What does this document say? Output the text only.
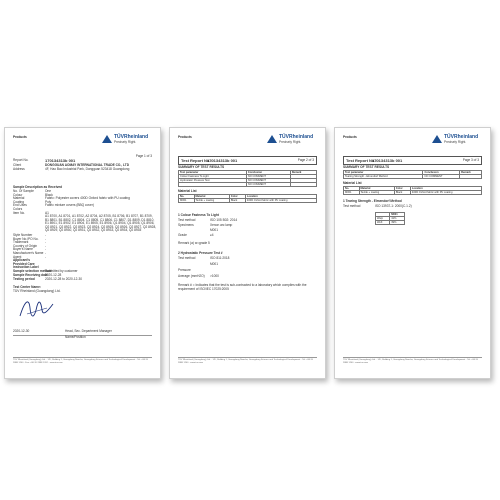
Products	TÜVRheinland
Precisely Right.
Page 1 of 3
Report No.	170134313b 001
Client	DONGGUAN AOMAY INTERNATIONAL TRADE CO., LTD
Address	4F, Hao Bao Industrial Park, Dongguan 523418 Guangdong
Sample Description as Received
No. Of Sample	One
Colour	Black
Material	Fabric: Polyester covers 400D Oxford fabric with PU coating
Coating	Poly
End Uses	Fabric mixture covers (BBQ cover)
Colors
Item No.	A1
A1 8700, A1 8701, A1 8702, A2 8704, A2 8705, B1 8706, B1 8707, B1 8709,
B1 8801, B1 8802, C1 8804, C1 8805, C1 8806, C1 8807, D1 8809, D1 8810,
E1 8901, E1 8902, E1 8904, E1 8905, E1 8906, Q1 8904, Q1 8905, Q1 8906,
Q2 8921, Q2 8922, Q2 8923, Q2 8924, Q2 8925, Q2 8926, Q2 8927, Q2 8928,
Q2 8929, Q2 8930, Q2 8931, Q2 8932, Q2 8933, Q2 8934, Q2 8935
Style Number	-
Buyer No./PO No. -
Trademark	-
Country of Origin -
Buyer's Name	-
Manufacturer's Name -
Agent	-
Applicant's Provided Care Instruction Label
Sample selection method
Submitted by customer
Sample Receiving date
2020-12-28
Testing period	2020-12-28 to 2020-12-30
Test Center Name:
TÜV Rheinland (Guangdong) Ltd.
2020-12-30	Head, Sec. Department Manager
Name/Position
TÜV Rheinland (Guangdong) Ltd. · 1/F., Building 1, Guangdong Nansha, Guangdong Science and Technological Development · Tel: +86 20 2888 1200 · Fax: +86 20 2888 1202 · www.tuv.com
Products	TÜVRheinland
Precisely Right.
Test Report No.:
170134313b 001	Page 2 of 3
SUMMARY OF TEST RESULTS
Test parameter	Conclusion	Remark
Colour Fastness To Light	NO COMMENT	
Hydrostatic Pressure Test	NO COMMENT	
	NO COMMENT	
Material List
No.	Material	Color	Location
M001	Textile + coating	Black	400D Oxford fabric with PU coating
1 Colour Fastness To Light
Test method	ISO 105 B02: 2014
Specimens	Xenon arc lamp
M001
Grade	≥4
Remark (a) w=grade 5
2 Hydrostatic Pressure Test #
Test method	ISO 811:2018
M001
Pressure
Average (mmH2O) >1000
Remark # = Indicates that the test is sub-contracted to a laboratory which complies with the requirement of ISO/IEC 17025:2005
TÜV Rheinland (Guangdong) Ltd. · 1/F., Building 1, Guangdong Nansha, Guangdong Science and Technological Development · Tel: +86 20 2888 1200 · www.tuv.com
Products	TÜVRheinland
Precisely Right.
Test Report No.:
170134313b 001	Page 3 of 3
SUMMARY OF TEST RESULTS
Test parameter	Conclusion	Remark
Tearing Strength - Elmendorf Method	NO COMMENT	
Material List
No.	Material	Color	Location
M001	Textile + coating	Black	400D Oxford fabric with PU coating
1 Tearing Strength - Elmendorf Method
Test method	ISO 13937-1: 2000(C.1.2)
	M001
Warp	41%
Weft	39%
TÜV Rheinland (Guangdong) Ltd. · 1/F., Building 1, Guangdong Nansha, Guangdong Science and Technological Development · Tel: +86 20 2888 1200 · www.tuv.com
